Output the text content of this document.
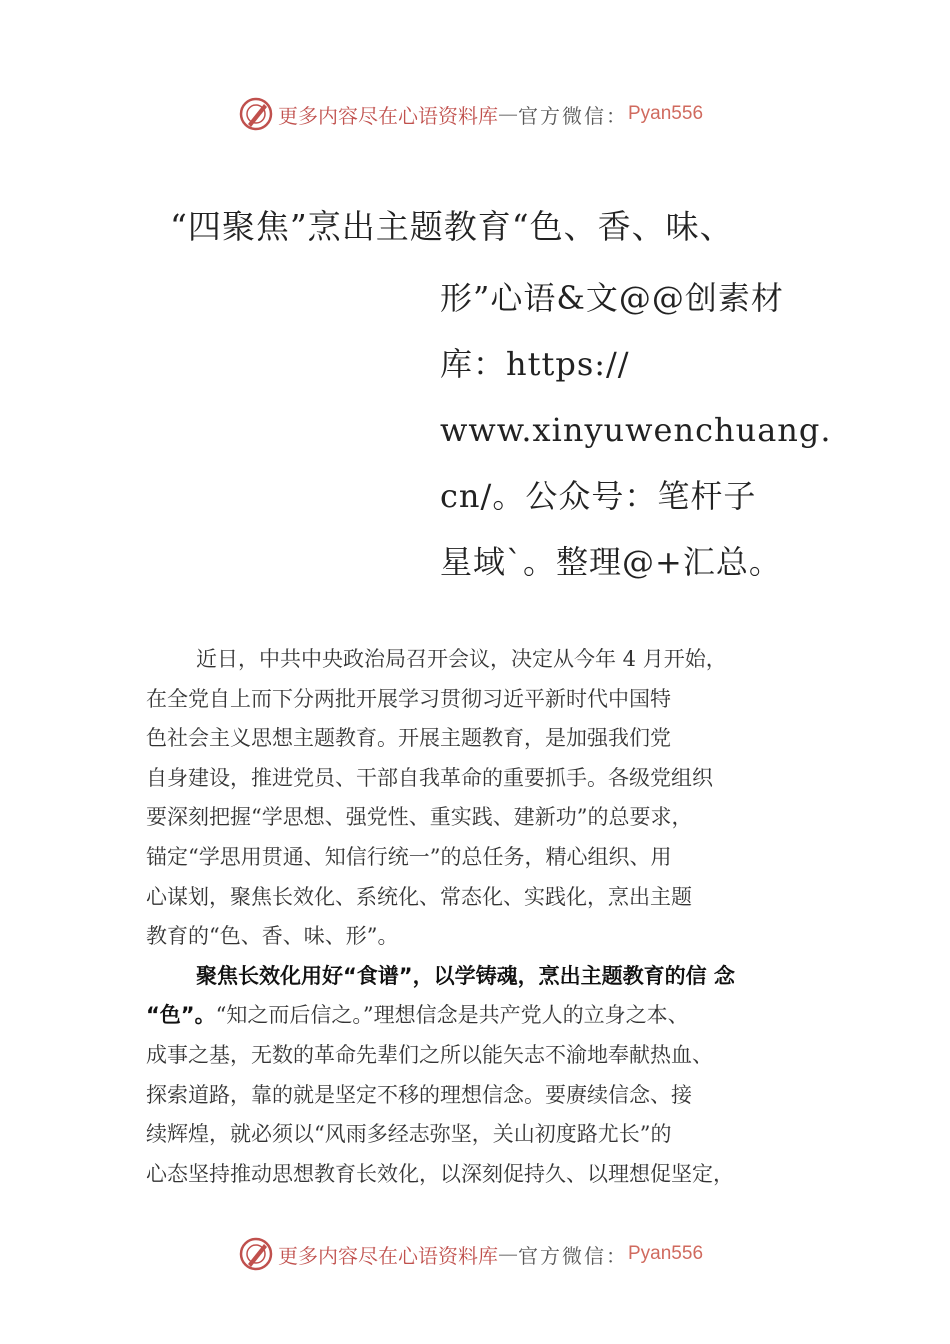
更多内容尽在心语资料库 — 官方微信： Pyan556
“四聚焦”烹出主题教育“色、香、味、
形”心语&文@@创素材
库：https://
www.xinyuwenchuang.
cn/。公众号：笔杆子
星域`。整理@+汇总。
近日，中共中央政治局召开会议，决定从今年 4 月开始，
在全党自上而下分两批开展学习贯彻习近平新时代中国特
色社会主义思想主题教育。开展主题教育，是加强我们党
自身建设，推进党员、干部自我革命的重要抓手。各级党组织
要深刻把握“学思想、强党性、重实践、建新功”的总要求，
锚定“学思用贯通、知信行统一”的总任务，精心组织、用
心谋划，聚焦长效化、系统化、常态化、实践化，烹出主题
教育的“色、香、味、形”。
聚焦长效化用好“食谱”，以学铸魂，烹出主题教育的信 念
“色”。“知之而后信之。”理想信念是共产党人的立身之本、
成事之基，无数的革命先辈们之所以能矢志不渝地奉献热血、
探索道路，靠的就是坚定不移的理想信念。要赓续信念、接
续辉煌，就必须以“风雨多经志弥坚，关山初度路尤长”的
心态坚持推动思想教育长效化，以深刻促持久、以理想促坚定，
更多内容尽在心语资料库 — 官方微信： Pyan556
